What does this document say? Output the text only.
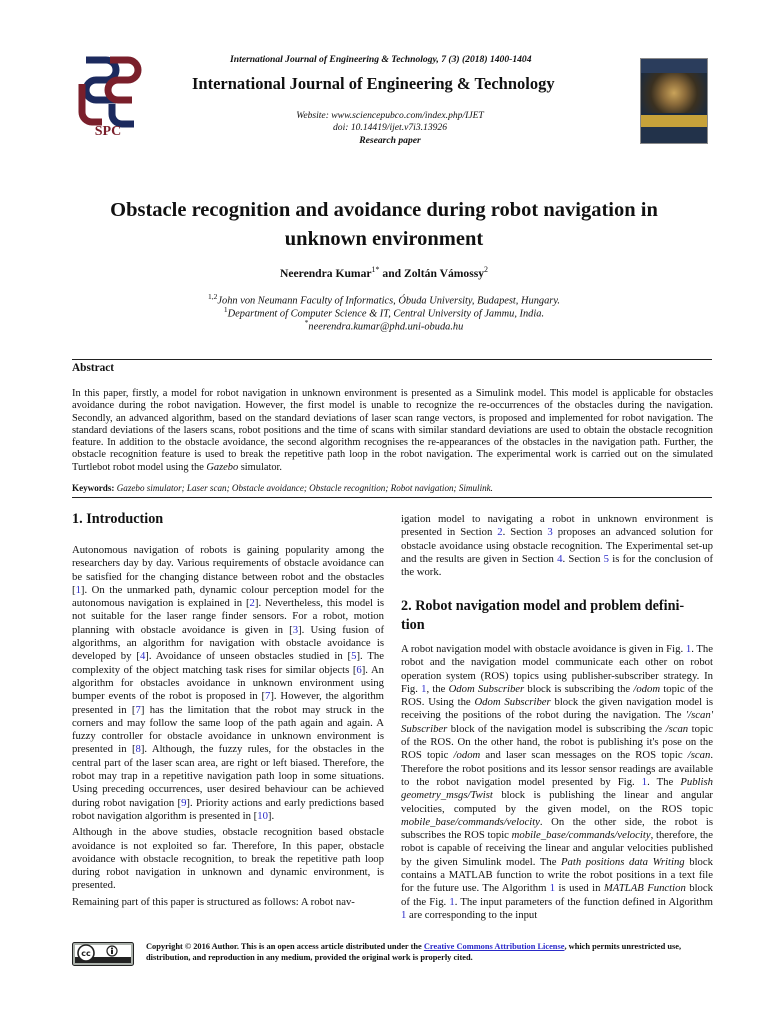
SPC
International Journal of Engineering & Technology, 7 (3) (2018) 1400-1404
International Journal of Engineering & Technology
Website: www.sciencepubco.com/index.php/IJET
doi: 10.14419/ijet.v7i3.13926
Research paper
Obstacle recognition and avoidance during robot navigation in
unknown environment
Neerendra Kumar$^{1*}$ and Zoltán Vámossy$^2$
$^{1,2}$John von Neumann Faculty of Informatics, Óbuda University, Budapest, Hungary.
$^1$Department of Computer Science & IT, Central University of Jammu, India.
*neerendra.kumar@phd.uni-obuda.hu
Abstract
In this paper, firstly, a model for robot navigation in unknown environment is presented as a Simulink model. This model is applicable for obstacles avoidance during the robot navigation. However, the first model is unable to recognize the re-occurrences of the obstacles during the navigation. Secondly, an advanced algorithm, based on the standard deviations of laser scan range vectors, is proposed and implemented for robot navigation. The standard deviations of the lasers scans, robot positions and the time of scans with similar standard deviations are used to obtain the obstacle recognition feature. In addition to the obstacle avoidance, the second algorithm recognises the re-appearances of the obstacles in the navigation path. Further, the obstacle recognition feature is used to break the repetitive path loop in the robot navigation. The experimental work is carried out on the simulated Turtlebot robot model using the Gazebo simulator.
Keywords: Gazebo simulator; Laser scan; Obstacle avoidance; Obstacle recognition; Robot navigation; Simulink.
1. Introduction

Autonomous navigation of robots is gaining popularity among the researchers day by day. Various requirements of obstacle avoidance can be satisfied for the changing distance between robot and the obstacles [1]. On the unmarked path, dynamic colour perception model for the autonomous navigation is explained in [2]. Nevertheless, this model is not suitable for the laser range finder sensors. For a robot, motion planning with obstacle avoidance is given in [3]. Using fusion of algorithms, an algorithm for navigation with obstacle avoidance is developed by [4]. Avoidance of unseen obstacles studied in [5]. The complexity of the object matching task rises for similar objects [6]. An algorithm for obstacles avoidance in unknown environment using bumper events of the robot is proposed in [7]. However, the algorithm presented in [7] has the limitation that the robot may struck in the corners and may follow the same loop of the path again and again. A fuzzy controller for obstacle avoidance in unknown environment is presented in [8]. Although, the fuzzy rules, for the obstacles in the central part of the laser scan area, are right or left biased. Therefore, the robot may trap in a repetitive navigation path loop in some situations. Using preceding occurrences, user desired behaviour can be achieved during robot navigation [9]. Priority actions and early predictions based robot navigation algorithm is presented in [10].

Although in the above studies, obstacle recognition based obstacle avoidance is not exploited so far. Therefore, In this paper, obstacle avoidance with obstacle recognition, to break the repetitive path loop during robot navigation in unknown and dynamic environment, is presented.

Remaining part of this paper is structured as follows: A robot nav-

igation model to navigating a robot in unknown environment is presented in Section 2. Section 3 proposes an advanced solution for obstacle avoidance using obstacle recognition. The Experimental set-up and the results are given in Section 4. Section 5 is for the conclusion of the work.

2. Robot navigation model and problem defini-
tion

A robot navigation model with obstacle avoidance is given in Fig. 1. The robot and the navigation model communicate each other on robot operation system (ROS) topics using publisher-subscriber strategy. In Fig. 1, the Odom Subscriber block is subscribing the /odom topic of the ROS. Using the Odom Subscriber block the given navigation model is receiving the positions of the robot during the navigation. The '/scan' Subscriber block of the navigation model is subscribing the /scan topic of the ROS. On the other hand, the robot is publishing it's pose on the ROS topic /odom and laser scan messages on the ROS topic /scan. Therefore the robot positions and its lessor sensor readings are available to the robot navigation model presented by Fig. 1. The Publish geometry_msgs/Twist block is publishing the linear and angular velocities, computed by the given model, on the ROS topic mobile_base/commands/velocity. On the other side, the robot is subscribes the ROS topic mobile_base/commands/velocity, therefore, the robot is capable of receiving the linear and angular velocities published by the given Simulink model. The Path positions data Writing block contains a MATLAB function to write the robot positions in a text file for the future use. The Algorithm 1 is used in MATLAB Function block of the Fig. 1. The input parameters of the function defined in Algorithm 1 are corresponding to the input

cc
Copyright © 2016 Author. This is an open access article distributed under the Creative Commons Attribution License, which permits unrestricted use, distribution, and reproduction in any medium, provided the original work is properly cited.
